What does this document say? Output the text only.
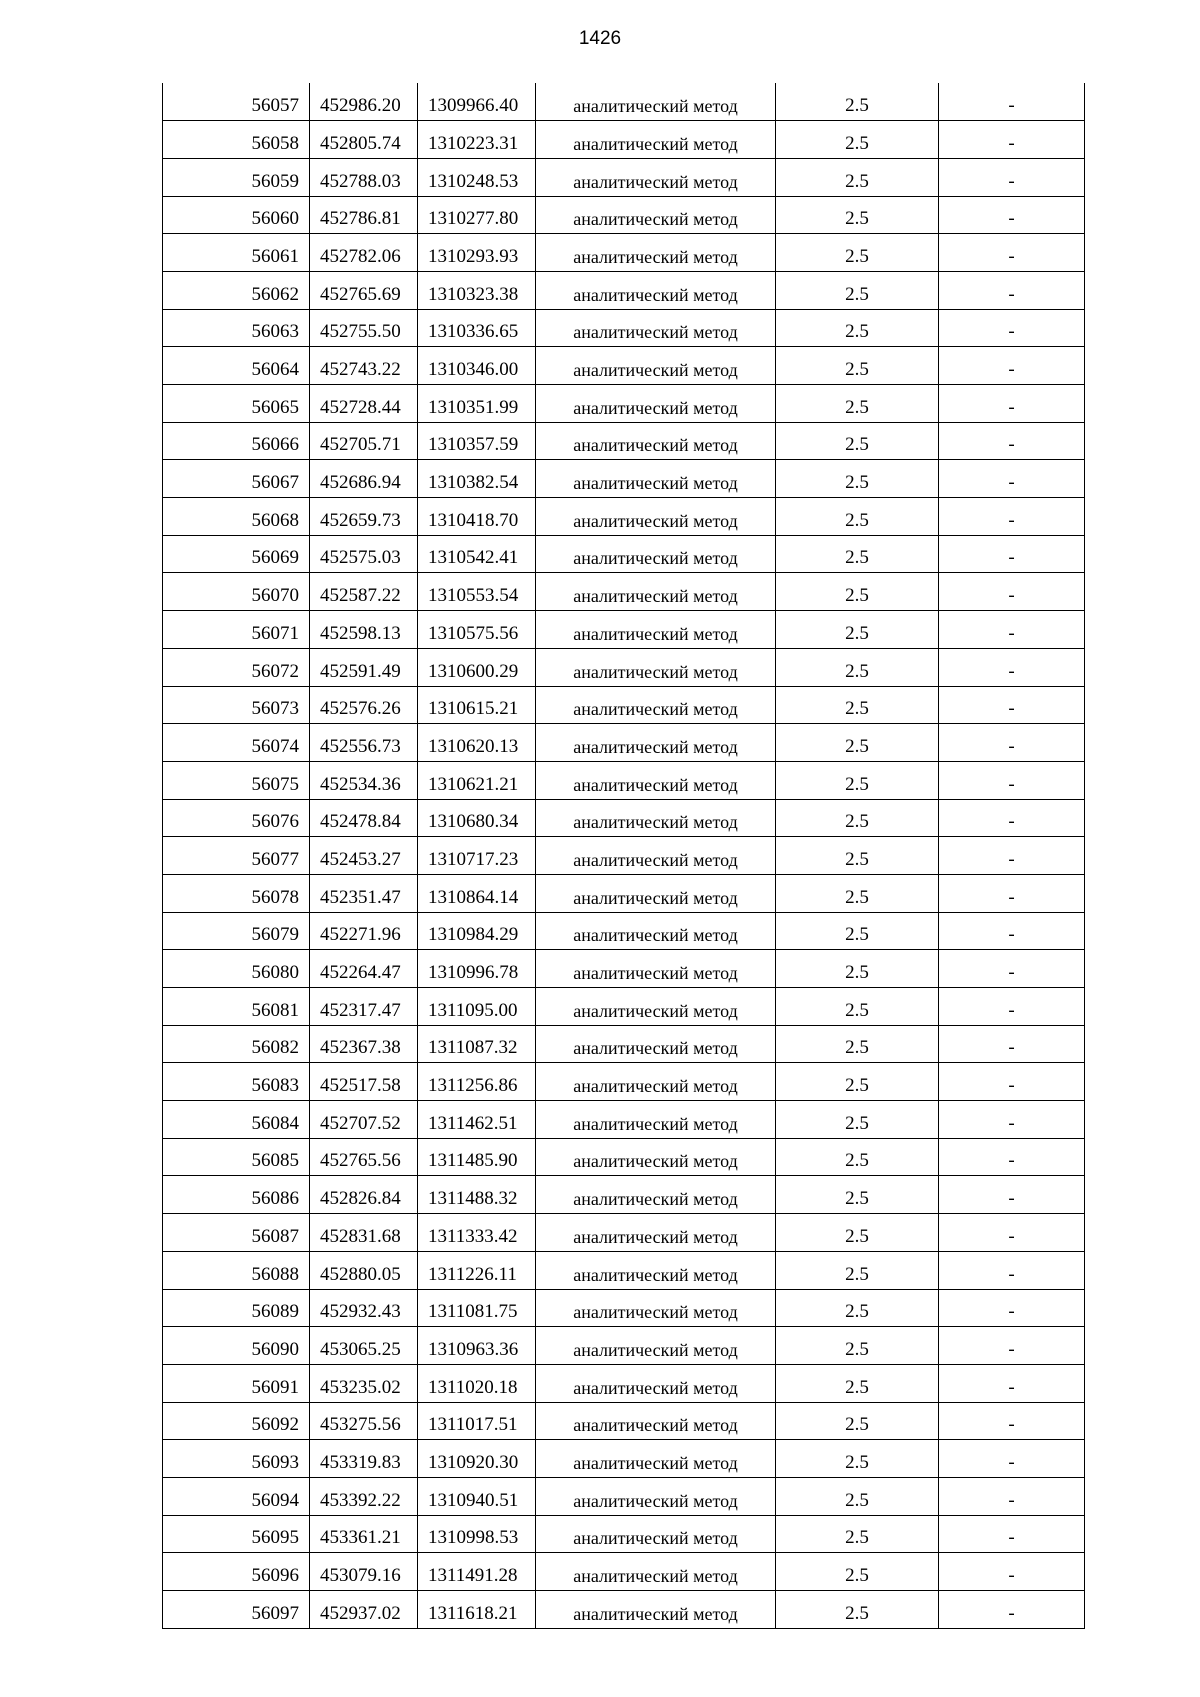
1426
56057	452986.20	1309966.40	аналитический метод	2.5	-
56058	452805.74	1310223.31	аналитический метод	2.5	-
56059	452788.03	1310248.53	аналитический метод	2.5	-
56060	452786.81	1310277.80	аналитический метод	2.5	-
56061	452782.06	1310293.93	аналитический метод	2.5	-
56062	452765.69	1310323.38	аналитический метод	2.5	-
56063	452755.50	1310336.65	аналитический метод	2.5	-
56064	452743.22	1310346.00	аналитический метод	2.5	-
56065	452728.44	1310351.99	аналитический метод	2.5	-
56066	452705.71	1310357.59	аналитический метод	2.5	-
56067	452686.94	1310382.54	аналитический метод	2.5	-
56068	452659.73	1310418.70	аналитический метод	2.5	-
56069	452575.03	1310542.41	аналитический метод	2.5	-
56070	452587.22	1310553.54	аналитический метод	2.5	-
56071	452598.13	1310575.56	аналитический метод	2.5	-
56072	452591.49	1310600.29	аналитический метод	2.5	-
56073	452576.26	1310615.21	аналитический метод	2.5	-
56074	452556.73	1310620.13	аналитический метод	2.5	-
56075	452534.36	1310621.21	аналитический метод	2.5	-
56076	452478.84	1310680.34	аналитический метод	2.5	-
56077	452453.27	1310717.23	аналитический метод	2.5	-
56078	452351.47	1310864.14	аналитический метод	2.5	-
56079	452271.96	1310984.29	аналитический метод	2.5	-
56080	452264.47	1310996.78	аналитический метод	2.5	-
56081	452317.47	1311095.00	аналитический метод	2.5	-
56082	452367.38	1311087.32	аналитический метод	2.5	-
56083	452517.58	1311256.86	аналитический метод	2.5	-
56084	452707.52	1311462.51	аналитический метод	2.5	-
56085	452765.56	1311485.90	аналитический метод	2.5	-
56086	452826.84	1311488.32	аналитический метод	2.5	-
56087	452831.68	1311333.42	аналитический метод	2.5	-
56088	452880.05	1311226.11	аналитический метод	2.5	-
56089	452932.43	1311081.75	аналитический метод	2.5	-
56090	453065.25	1310963.36	аналитический метод	2.5	-
56091	453235.02	1311020.18	аналитический метод	2.5	-
56092	453275.56	1311017.51	аналитический метод	2.5	-
56093	453319.83	1310920.30	аналитический метод	2.5	-
56094	453392.22	1310940.51	аналитический метод	2.5	-
56095	453361.21	1310998.53	аналитический метод	2.5	-
56096	453079.16	1311491.28	аналитический метод	2.5	-
56097	452937.02	1311618.21	аналитический метод	2.5	-
